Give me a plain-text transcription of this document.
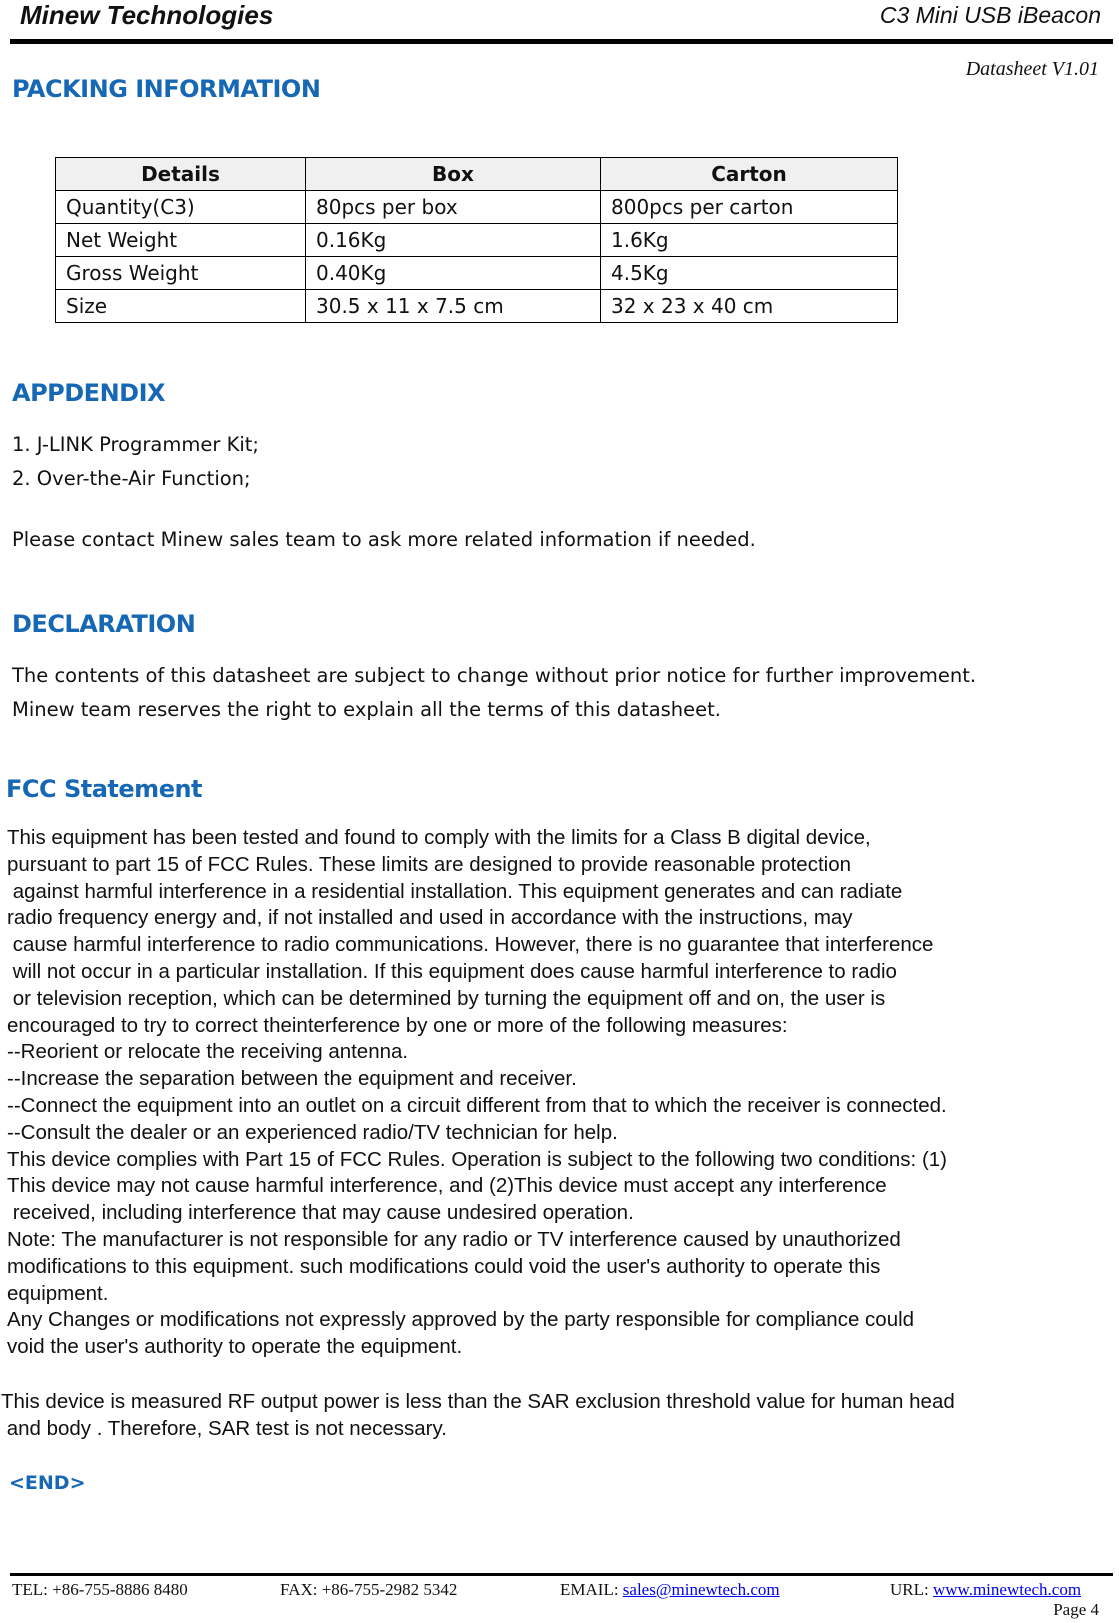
Minew Technologies	C3 Mini USB iBeacon
Datasheet V1.01
PACKING INFORMATION
Details	Box	Carton
Quantity(C3)	80pcs per box	800pcs per carton
Net Weight	0.16Kg	1.6Kg
Gross Weight	0.40Kg	4.5Kg
Size	30.5 x 11 x 7.5 cm	32 x 23 x 40 cm
APPDENDIX
1. J-LINK Programmer Kit;
2. Over-the-Air Function;
Please contact Minew sales team to ask more related information if needed.
DECLARATION
The contents of this datasheet are subject to change without prior notice for further improvement.
Minew team reserves the right to explain all the terms of this datasheet.
FCC Statement
This equipment has been tested and found to comply with the limits for a Class B digital device,
pursuant to part 15 of FCC Rules. These limits are designed to provide reasonable protection
against harmful interference in a residential installation. This equipment generates and can radiate
radio frequency energy and, if not installed and used in accordance with the instructions, may
cause harmful interference to radio communications. However, there is no guarantee that interference
will not occur in a particular installation. If this equipment does cause harmful interference to radio
or television reception, which can be determined by turning the equipment off and on, the user is
encouraged to try to correct theinterference by one or more of the following measures:
--Reorient or relocate the receiving antenna.
--Increase the separation between the equipment and receiver.
--Connect the equipment into an outlet on a circuit different from that to which the receiver is connected.
--Consult the dealer or an experienced radio/TV technician for help.
This device complies with Part 15 of FCC Rules. Operation is subject to the following two conditions: (1)
This device may not cause harmful interference, and (2)This device must accept any interference
received, including interference that may cause undesired operation.
Note: The manufacturer is not responsible for any radio or TV interference caused by unauthorized
modifications to this equipment. such modifications could void the user's authority to operate this
equipment.
Any Changes or modifications not expressly approved by the party responsible for compliance could
void the user's authority to operate the equipment.
This device is measured RF output power is less than the SAR exclusion threshold value for human head
and body . Therefore, SAR test is not necessary.
<END>
TEL: +86-755-8886 8480	FAX: +86-755-2982 5342	EMAIL: sales@minewtech.com	URL: www.minewtech.com
Page 4
